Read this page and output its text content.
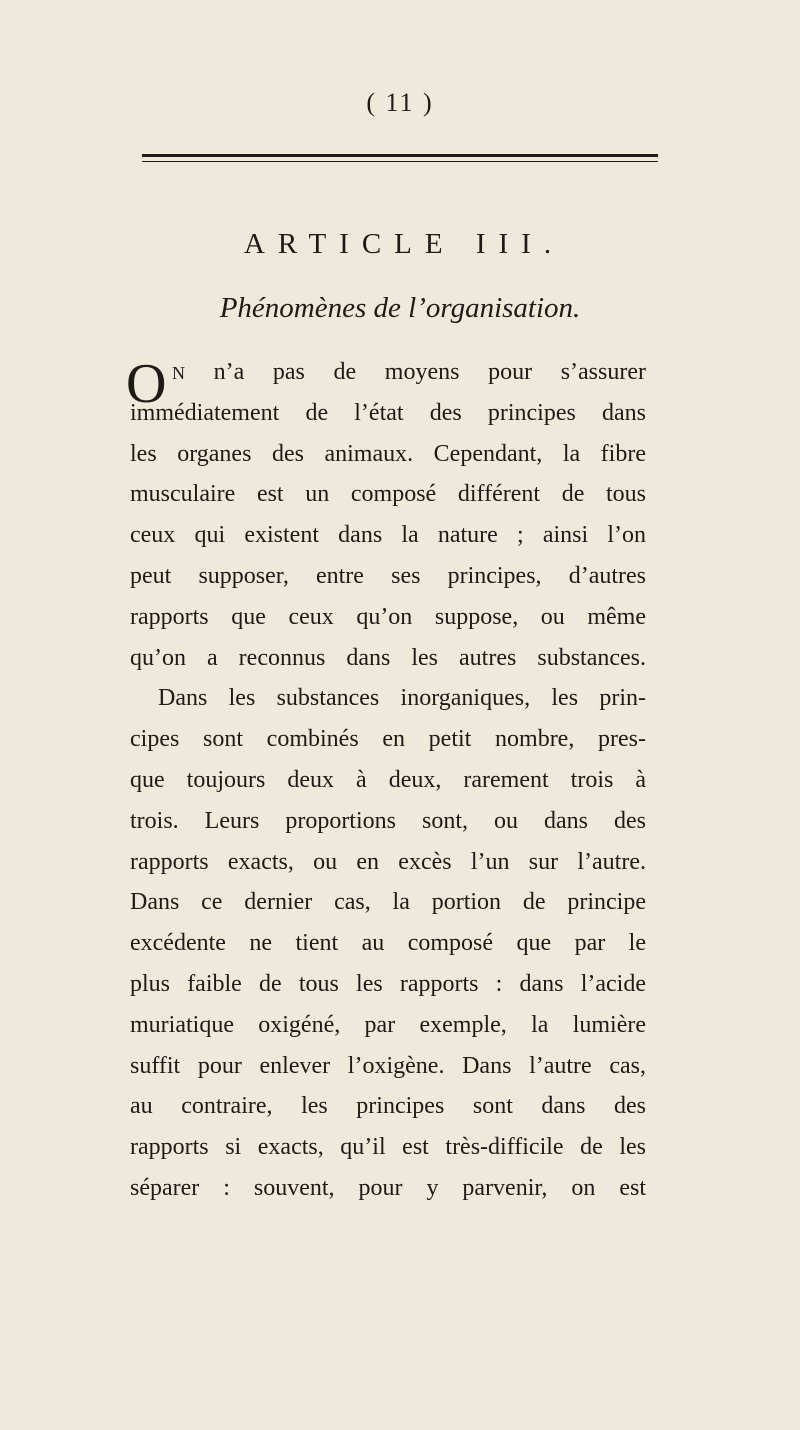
( 11 )
ARTICLE III.
Phénomènes de l’organisation.
O N n’a pas de moyens pour s’assurer
immédiatement de l’état des principes dans
les organes des animaux. Cependant, la fibre
musculaire est un composé différent de tous
ceux qui existent dans la nature ; ainsi l’on
peut supposer, entre ses principes, d’autres
rapports que ceux qu’on suppose, ou même
qu’on a reconnus dans les autres substances.
Dans les substances inorganiques, les prin-
cipes sont combinés en petit nombre, pres-
que toujours deux à deux, rarement trois à
trois. Leurs proportions sont, ou dans des
rapports exacts, ou en excès l’un sur l’autre.
Dans ce dernier cas, la portion de principe
excédente ne tient au composé que par le
plus faible de tous les rapports : dans l’acide
muriatique oxigéné, par exemple, la lumière
suffit pour enlever l’oxigène. Dans l’autre cas,
au contraire, les principes sont dans des
rapports si exacts, qu’il est très-difficile de les
séparer : souvent, pour y parvenir, on est
